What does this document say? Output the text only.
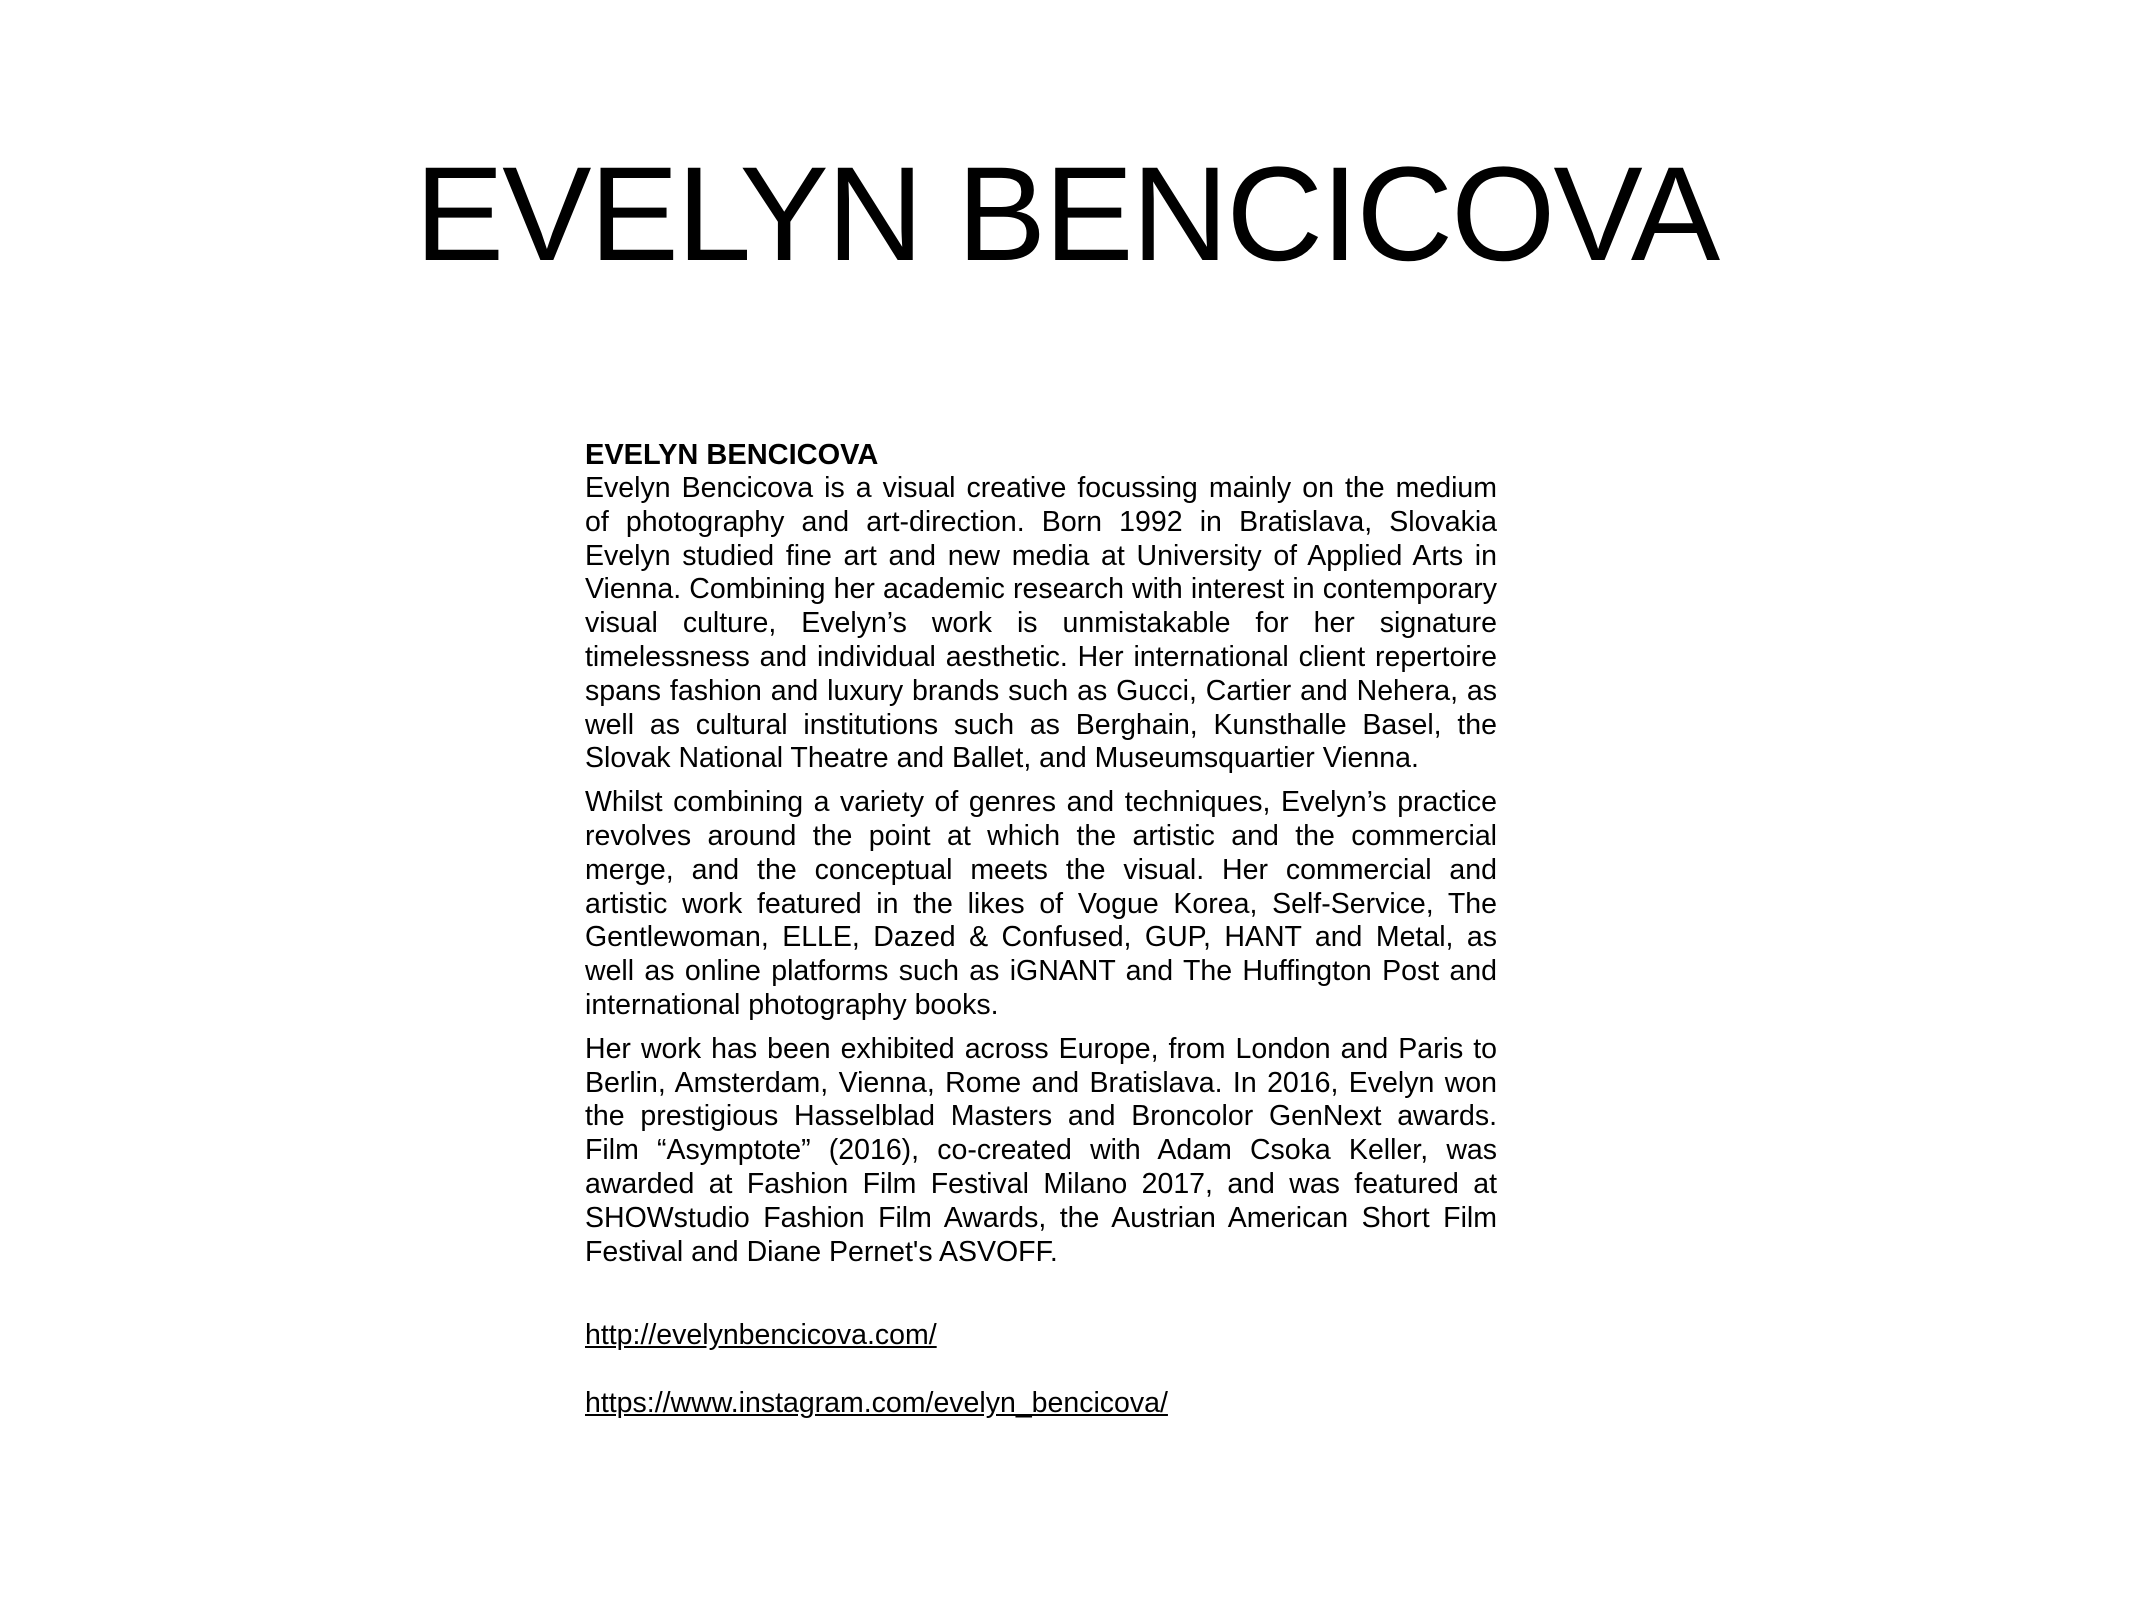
EVELYN BENCICOVA
EVELYN BENCICOVA

Evelyn Bencicova is a visual creative focussing mainly on the medium of photography and art-direction. Born 1992 in Bratislava, Slovakia Evelyn studied fine art and new media at University of Applied Arts in Vienna. Combining her academic research with interest in contemporary visual culture, Evelyn’s work is unmistakable for her signature timelessness and individual aesthetic. Her international client repertoire spans fashion and luxury brands such as Gucci, Cartier and Nehera, as well as cultural institutions such as Berghain, Kunsthalle Basel, the Slovak National Theatre and Ballet, and Museumsquartier Vienna.

Whilst combining a variety of genres and techniques, Evelyn’s practice revolves around the point at which the artistic and the commercial merge, and the conceptual meets the visual. Her commercial and artistic work featured in the likes of Vogue Korea, Self-Service, The Gentlewoman, ELLE, Dazed & Confused, GUP, HANT and Metal, as well as online platforms such as iGNANT and The Huffington Post and international photography books.

Her work has been exhibited across Europe, from London and Paris to Berlin, Amsterdam, Vienna, Rome and Bratislava. In 2016, Evelyn won the prestigious Hasselblad Masters and Broncolor GenNext awards. Film “Asymptote” (2016), co-created with Adam Csoka Keller, was awarded at Fashion Film Festival Milano 2017, and was featured at SHOWstudio Fashion Film Awards, the Austrian American Short Film Festival and Diane Pernet's ASVOFF.

http://evelynbencicova.com/
https://www.instagram.com/evelyn_bencicova/
